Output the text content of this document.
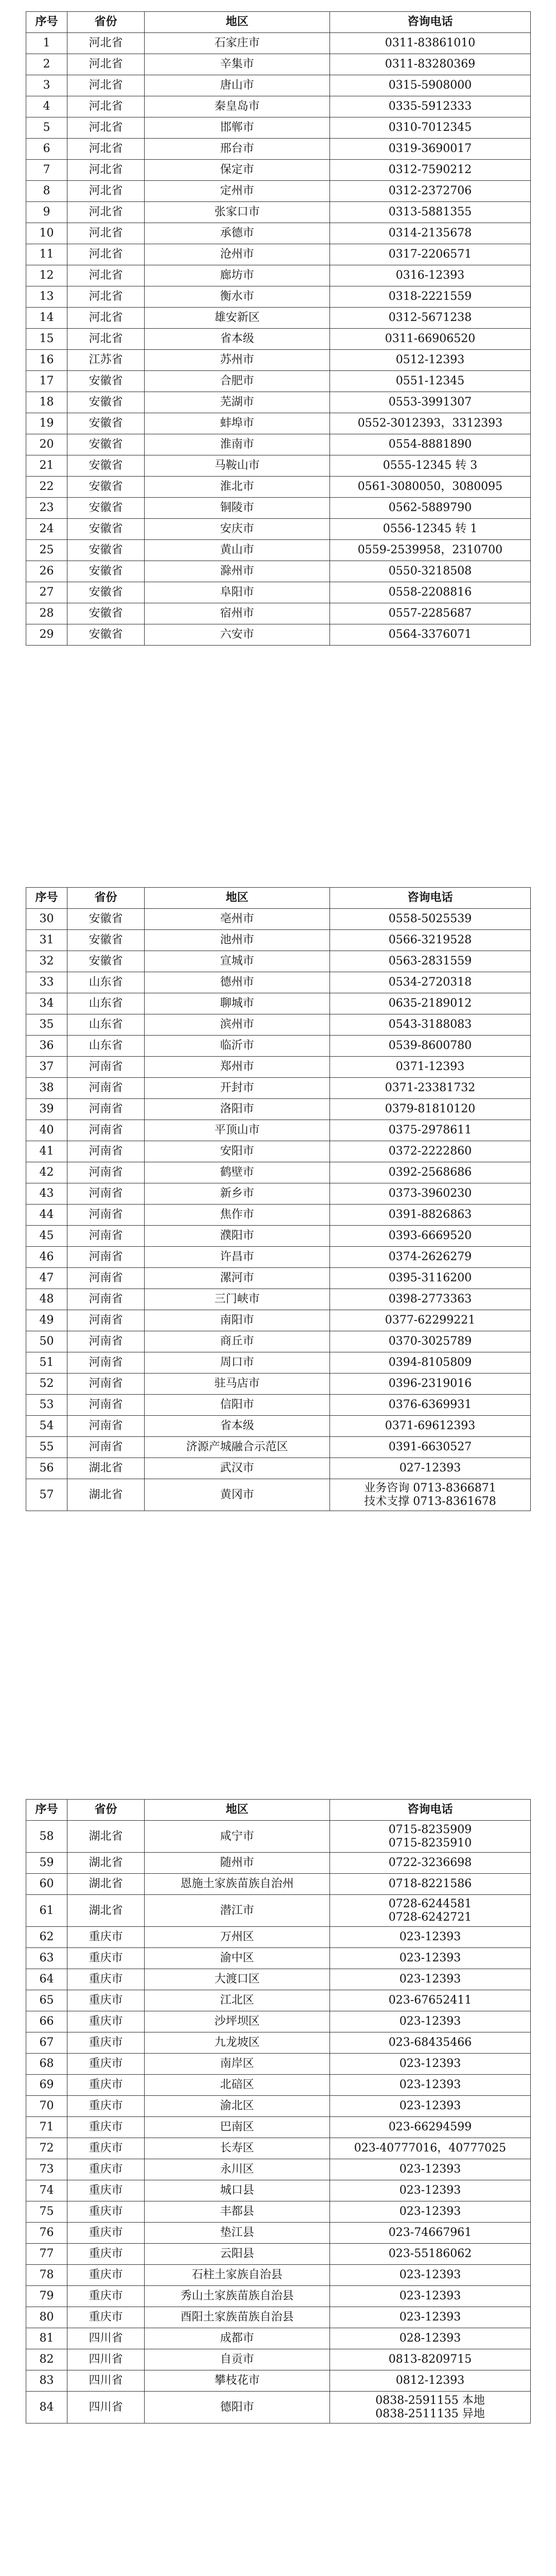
序号	省份	地区	咨询电话
1	河北省	石家庄市	0311-83861010
2	河北省	辛集市	0311-83280369
3	河北省	唐山市	0315-5908000
4	河北省	秦皇岛市	0335-5912333
5	河北省	邯郸市	0310-7012345
6	河北省	邢台市	0319-3690017
7	河北省	保定市	0312-7590212
8	河北省	定州市	0312-2372706
9	河北省	张家口市	0313-5881355
10	河北省	承德市	0314-2135678
11	河北省	沧州市	0317-2206571
12	河北省	廊坊市	0316-12393
13	河北省	衡水市	0318-2221559
14	河北省	雄安新区	0312-5671238
15	河北省	省本级	0311-66906520
16	江苏省	苏州市	0512-12393
17	安徽省	合肥市	0551-12345
18	安徽省	芜湖市	0553-3991307
19	安徽省	蚌埠市	0552-3012393，3312393
20	安徽省	淮南市	0554-8881890
21	安徽省	马鞍山市	0555-12345 转 3
22	安徽省	淮北市	0561-3080050，3080095
23	安徽省	铜陵市	0562-5889790
24	安徽省	安庆市	0556-12345 转 1
25	安徽省	黄山市	0559-2539958，2310700
26	安徽省	滁州市	0550-3218508
27	安徽省	阜阳市	0558-2208816
28	安徽省	宿州市	0557-2285687
29	安徽省	六安市	0564-3376071
序号	省份	地区	咨询电话
30	安徽省	亳州市	0558-5025539
31	安徽省	池州市	0566-3219528
32	安徽省	宣城市	0563-2831559
33	山东省	德州市	0534-2720318
34	山东省	聊城市	0635-2189012
35	山东省	滨州市	0543-3188083
36	山东省	临沂市	0539-8600780
37	河南省	郑州市	0371-12393
38	河南省	开封市	0371-23381732
39	河南省	洛阳市	0379-81810120
40	河南省	平顶山市	0375-2978611
41	河南省	安阳市	0372-2222860
42	河南省	鹤壁市	0392-2568686
43	河南省	新乡市	0373-3960230
44	河南省	焦作市	0391-8826863
45	河南省	濮阳市	0393-6669520
46	河南省	许昌市	0374-2626279
47	河南省	漯河市	0395-3116200
48	河南省	三门峡市	0398-2773363
49	河南省	南阳市	0377-62299221
50	河南省	商丘市	0370-3025789
51	河南省	周口市	0394-8105809
52	河南省	驻马店市	0396-2319016
53	河南省	信阳市	0376-6369931
54	河南省	省本级	0371-69612393
55	河南省	济源产城融合示范区	0391-6630527
56	湖北省	武汉市	027-12393
57	湖北省	黄冈市	业务咨询 0713-8366871
技术支撑 0713-8361678
序号	省份	地区	咨询电话
58	湖北省	咸宁市	0715-8235909
0715-8235910
59	湖北省	随州市	0722-3236698
60	湖北省	恩施土家族苗族自治州	0718-8221586
61	湖北省	潜江市	0728-6244581
0728-6242721
62	重庆市	万州区	023-12393
63	重庆市	渝中区	023-12393
64	重庆市	大渡口区	023-12393
65	重庆市	江北区	023-67652411
66	重庆市	沙坪坝区	023-12393
67	重庆市	九龙坡区	023-68435466
68	重庆市	南岸区	023-12393
69	重庆市	北碚区	023-12393
70	重庆市	渝北区	023-12393
71	重庆市	巴南区	023-66294599
72	重庆市	长寿区	023-40777016，40777025
73	重庆市	永川区	023-12393
74	重庆市	城口县	023-12393
75	重庆市	丰都县	023-12393
76	重庆市	垫江县	023-74667961
77	重庆市	云阳县	023-55186062
78	重庆市	石柱土家族自治县	023-12393
79	重庆市	秀山土家族苗族自治县	023-12393
80	重庆市	酉阳土家族苗族自治县	023-12393
81	四川省	成都市	028-12393
82	四川省	自贡市	0813-8209715
83	四川省	攀枝花市	0812-12393
84	四川省	德阳市	0838-2591155 本地
0838-2511135 异地
